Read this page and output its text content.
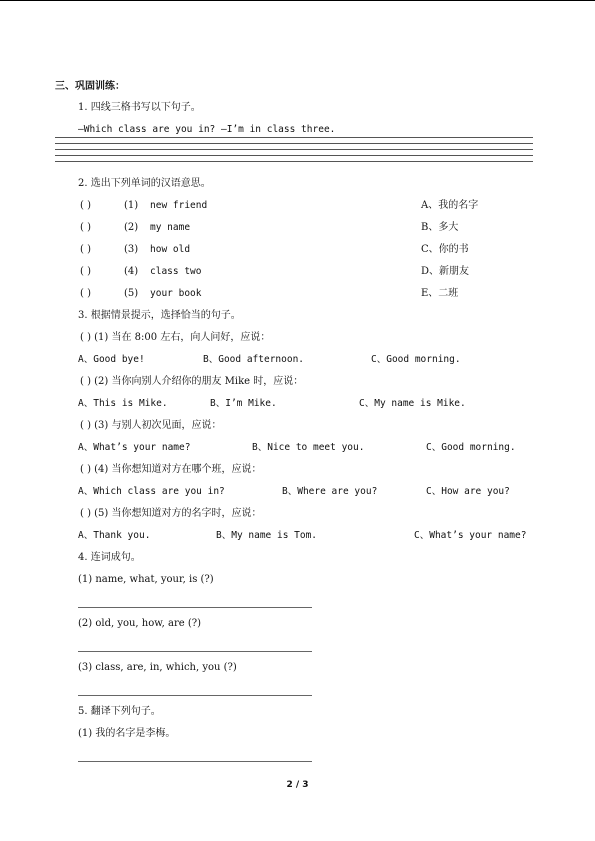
三、巩固训练：
1. 四线三格书写以下句子。
—Which class are you in? —I’m in class three.
2. 选出下列单词的汉语意思。
( )	(1) new friend	A、我的名字
( )	(2) my name	B、多大
( )	(3) how old	C、你的书
( )	(4) class two	D、新朋友
( )	(5) your book	E、二班
3. 根据情景提示，选择恰当的句子。
( ) (1) 当在 8:00 左右，向人问好，应说：
A、Good bye!	B、Good afternoon.	C、Good morning.
( ) (2) 当你向别人介绍你的朋友 Mike 时，应说：
A、This is Mike.	B、I’m Mike.	C、My name is Mike.
( ) (3) 与别人初次见面，应说：
A、What’s your name?	B、Nice to meet you.	C、Good morning.
( ) (4) 当你想知道对方在哪个班，应说：
A、Which class are you in?	B、Where are you?	C、How are you?
( ) (5) 当你想知道对方的名字时，应说：
A、Thank you.	B、My name is Tom.	C、What’s your name?
4. 连词成句。
(1) name, what, your, is (?)
(2) old, you, how, are (?)
(3) class, are, in, which, you (?)
5. 翻译下列句子。
(1) 我的名字是李梅。
2 / 3
